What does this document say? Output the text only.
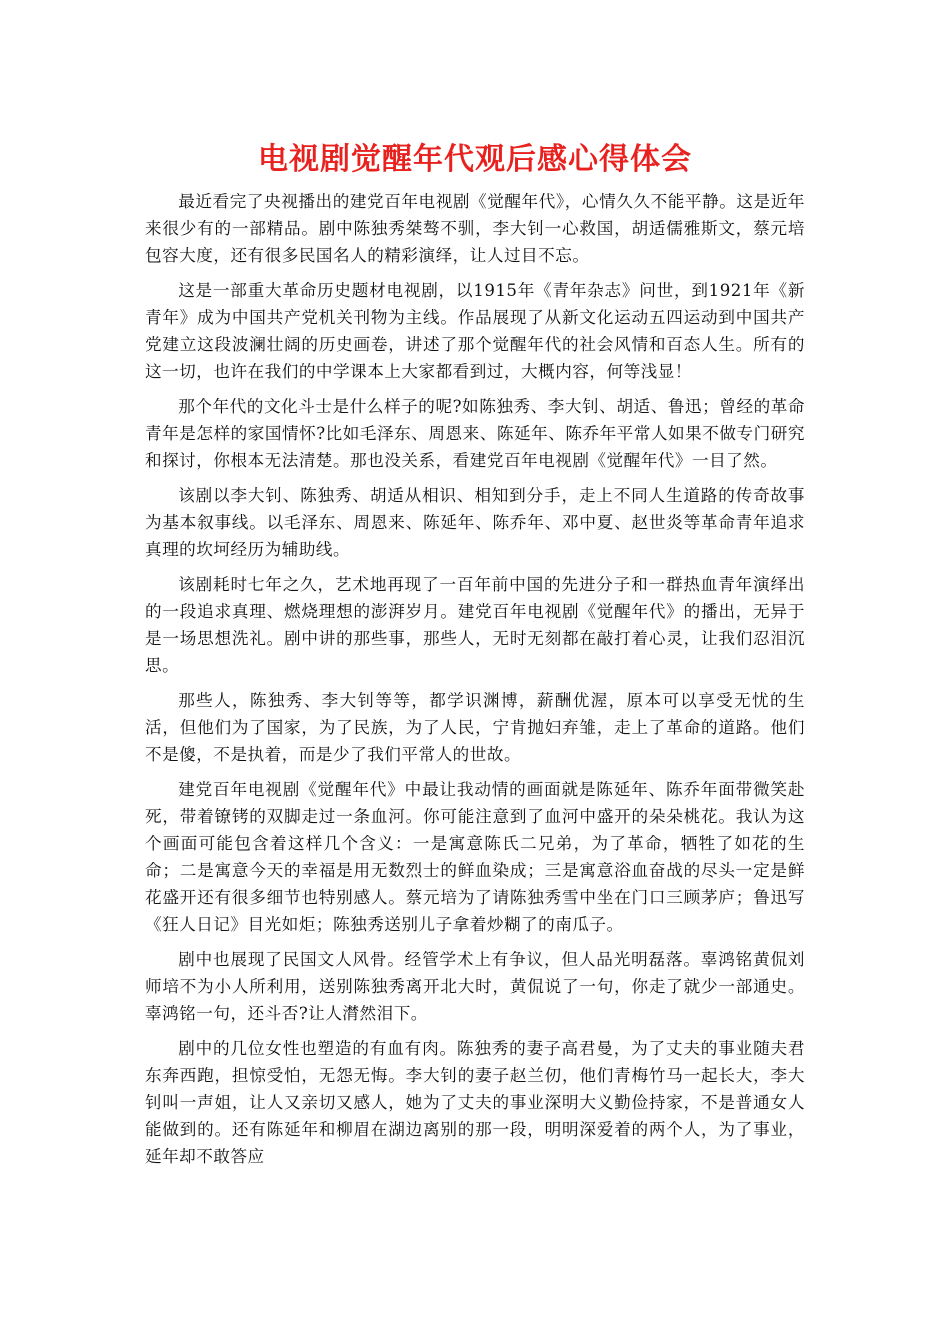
电视剧觉醒年代观后感心得体会

最近看完了央视播出的建党百年电视剧《觉醒年代》，心情久久不能平静。这是近年来很少有的一部精品。剧中陈独秀桀骜不驯，李大钊一心救国，胡适儒雅斯文，蔡元培包容大度，还有很多民国名人的精彩演绎，让人过目不忘。

这是一部重大革命历史题材电视剧，以1915年《青年杂志》问世，到1921年《新青年》成为中国共产党机关刊物为主线。作品展现了从新文化运动五四运动到中国共产党建立这段波澜壮阔的历史画卷，讲述了那个觉醒年代的社会风情和百态人生。所有的这一切，也许在我们的中学课本上大家都看到过，大概内容，何等浅显！

那个年代的文化斗士是什么样子的呢?如陈独秀、李大钊、胡适、鲁迅；曾经的革命青年是怎样的家国情怀?比如毛泽东、周恩来、陈延年、陈乔年平常人如果不做专门研究和探讨，你根本无法清楚。那也没关系，看建党百年电视剧《觉醒年代》一目了然。

该剧以李大钊、陈独秀、胡适从相识、相知到分手，走上不同人生道路的传奇故事为基本叙事线。以毛泽东、周恩来、陈延年、陈乔年、邓中夏、赵世炎等革命青年追求真理的坎坷经历为辅助线。

该剧耗时七年之久，艺术地再现了一百年前中国的先进分子和一群热血青年演绎出的一段追求真理、燃烧理想的澎湃岁月。建党百年电视剧《觉醒年代》的播出，无异于是一场思想洗礼。剧中讲的那些事，那些人，无时无刻都在敲打着心灵，让我们忍泪沉思。

那些人，陈独秀、李大钊等等，都学识渊博，薪酬优渥，原本可以享受无忧的生活，但他们为了国家，为了民族，为了人民，宁肯抛妇弃雏，走上了革命的道路。他们不是傻，不是执着，而是少了我们平常人的世故。

建党百年电视剧《觉醒年代》中最让我动情的画面就是陈延年、陈乔年面带微笑赴死，带着镣铐的双脚走过一条血河。你可能注意到了血河中盛开的朵朵桃花。我认为这个画面可能包含着这样几个含义：一是寓意陈氏二兄弟，为了革命，牺牲了如花的生命；二是寓意今天的幸福是用无数烈士的鲜血染成；三是寓意浴血奋战的尽头一定是鲜花盛开还有很多细节也特别感人。蔡元培为了请陈独秀雪中坐在门口三顾茅庐；鲁迅写《狂人日记》目光如炬；陈独秀送别儿子拿着炒糊了的南瓜子。

剧中也展现了民国文人风骨。经管学术上有争议，但人品光明磊落。辜鸿铭黄侃刘师培不为小人所利用，送别陈独秀离开北大时，黄侃说了一句，你走了就少一部通史。辜鸿铭一句，还斗否?让人潸然泪下。

剧中的几位女性也塑造的有血有肉。陈独秀的妻子高君曼，为了丈夫的事业随夫君东奔西跑，担惊受怕，无怨无悔。李大钊的妻子赵兰仞，他们青梅竹马一起长大，李大钊叫一声姐，让人又亲切又感人，她为了丈夫的事业深明大义勤俭持家，不是普通女人能做到的。还有陈延年和柳眉在湖边离别的那一段，明明深爱着的两个人，为了事业，延年却不敢答应
